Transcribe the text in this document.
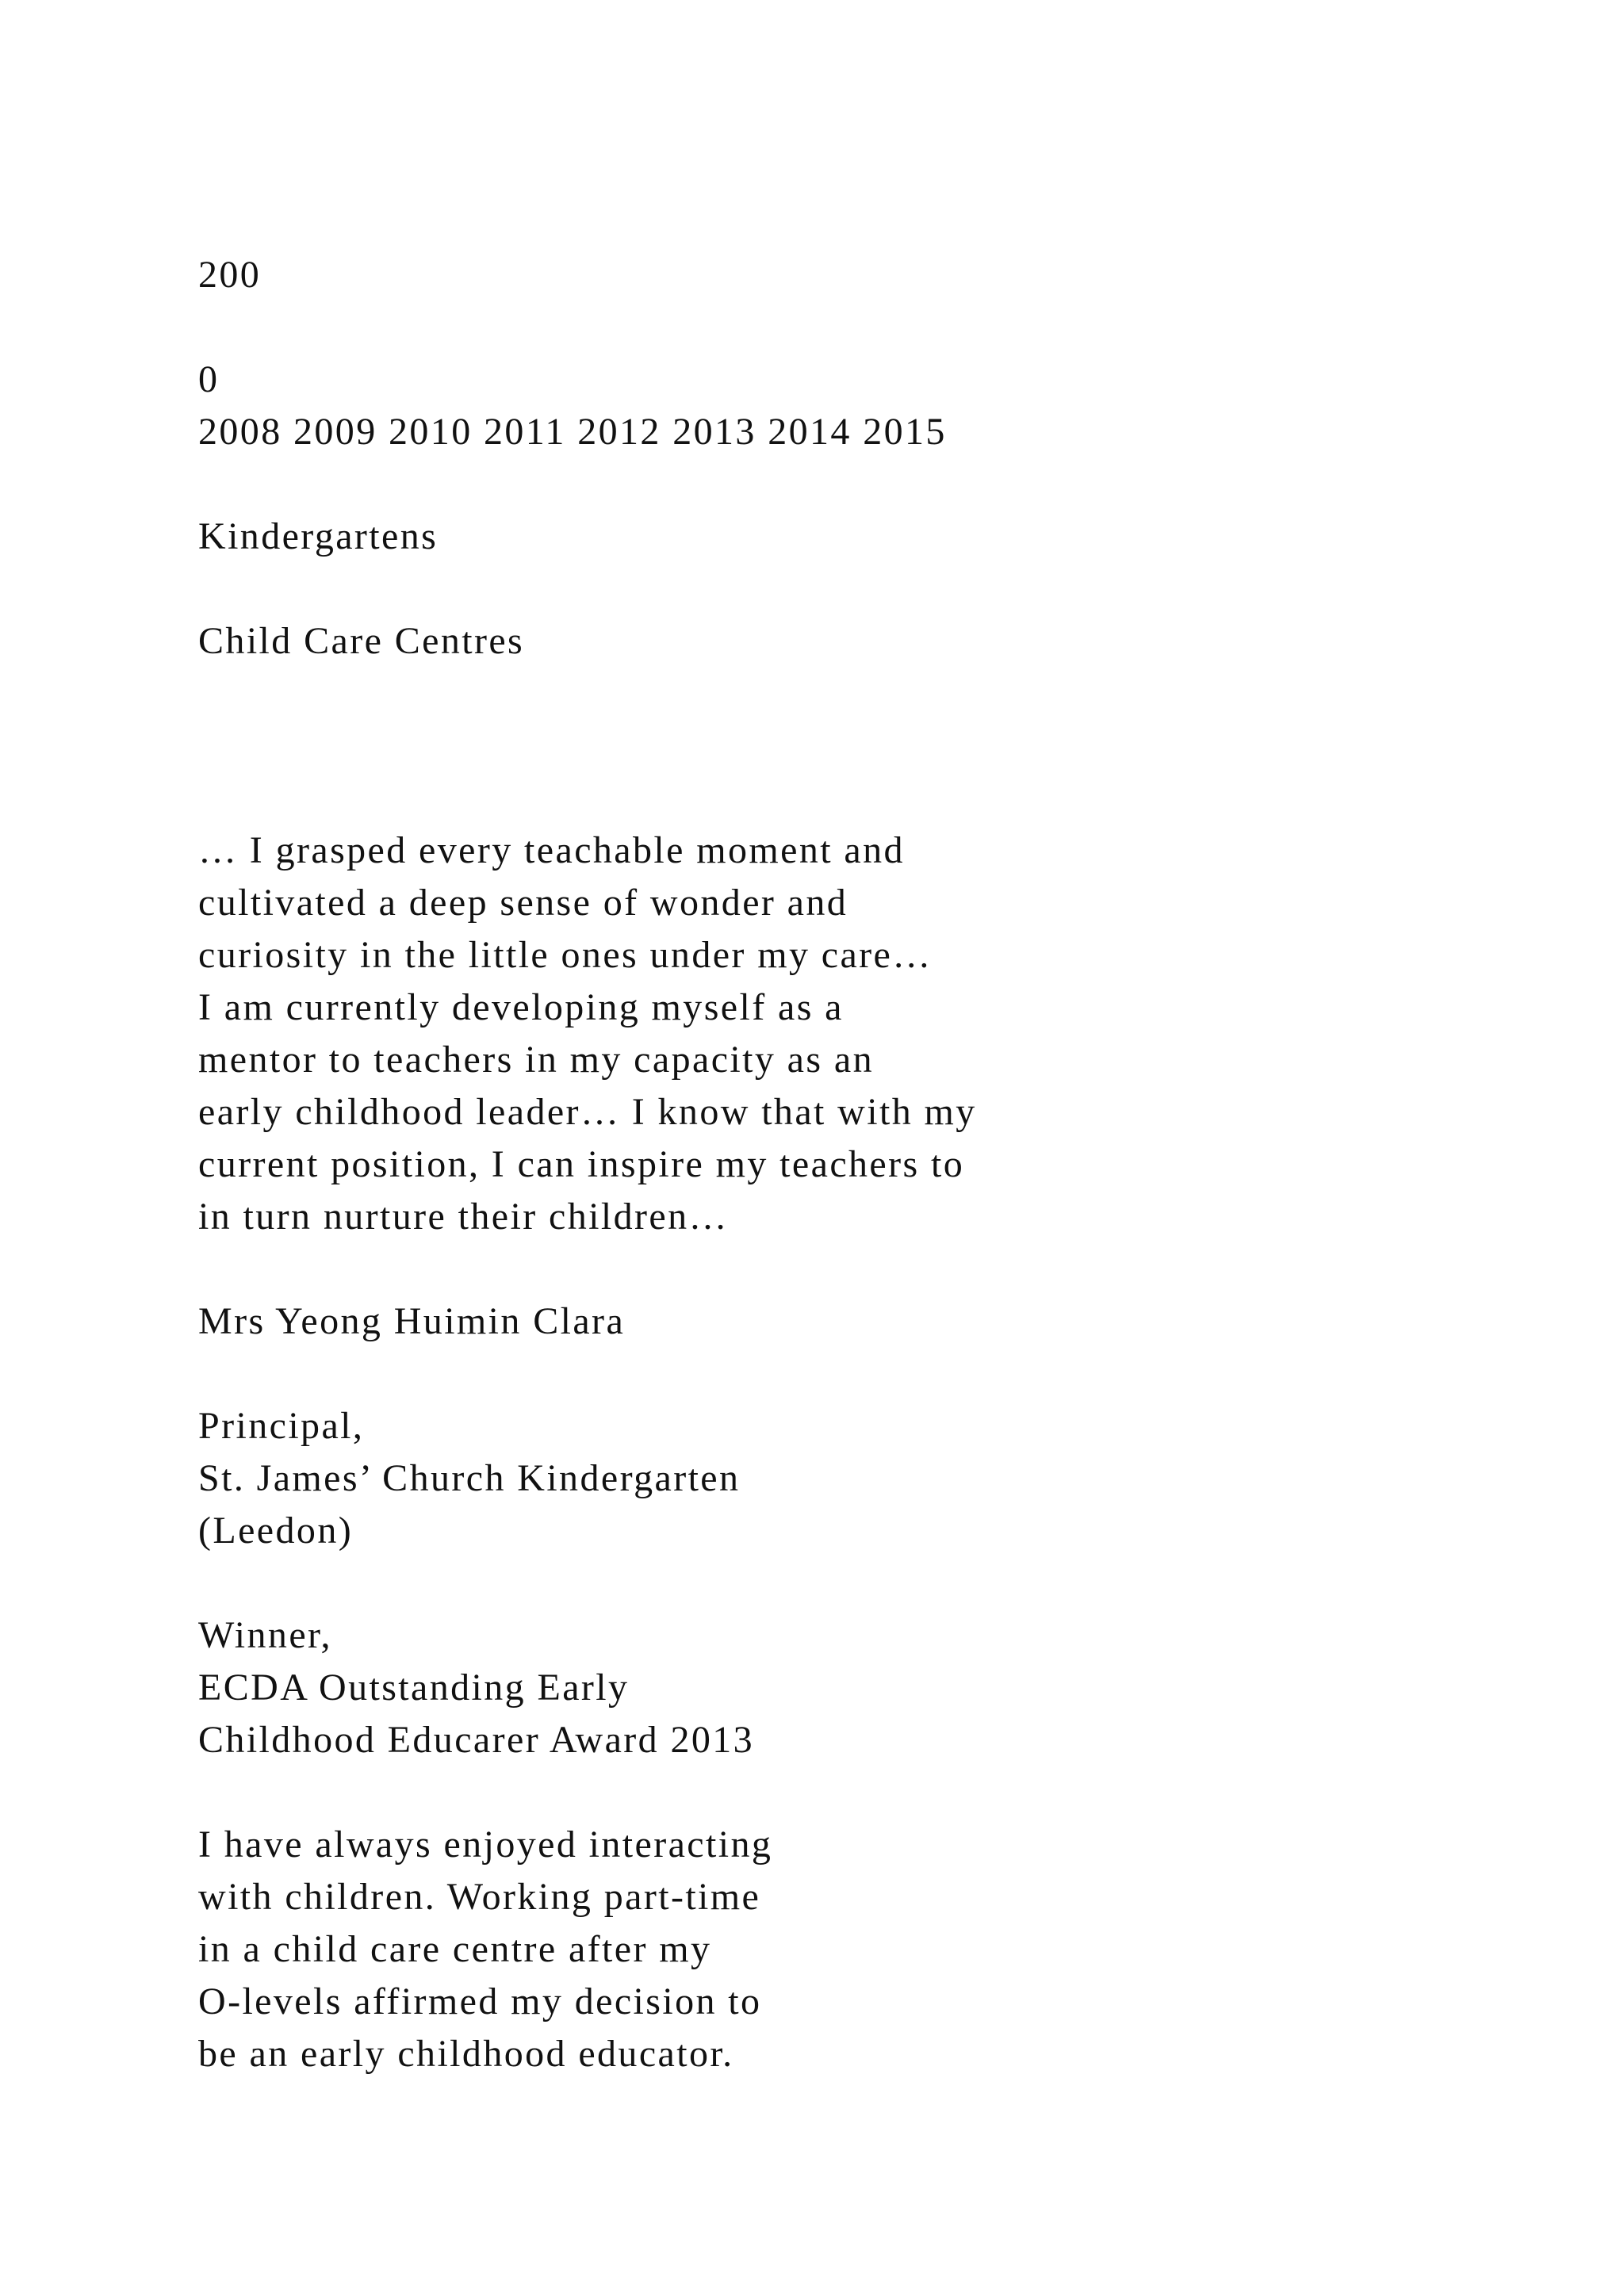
200

0
2008 2009 2010 2011 2012 2013 2014 2015

Kindergartens

Child Care Centres

… I grasped every teachable moment and
cultivated a deep sense of wonder and
curiosity in the little ones under my care…
I am currently developing myself as a
mentor to teachers in my capacity as an
early childhood leader… I know that with my
current position, I can inspire my teachers to
in turn nurture their children…

Mrs Yeong Huimin Clara

Principal,
St. James’ Church Kindergarten
(Leedon)

Winner,
ECDA Outstanding Early
Childhood Educarer Award 2013

I have always enjoyed interacting
with children. Working part-time
in a child care centre after my
O-levels affirmed my decision to
be an early childhood educator.
